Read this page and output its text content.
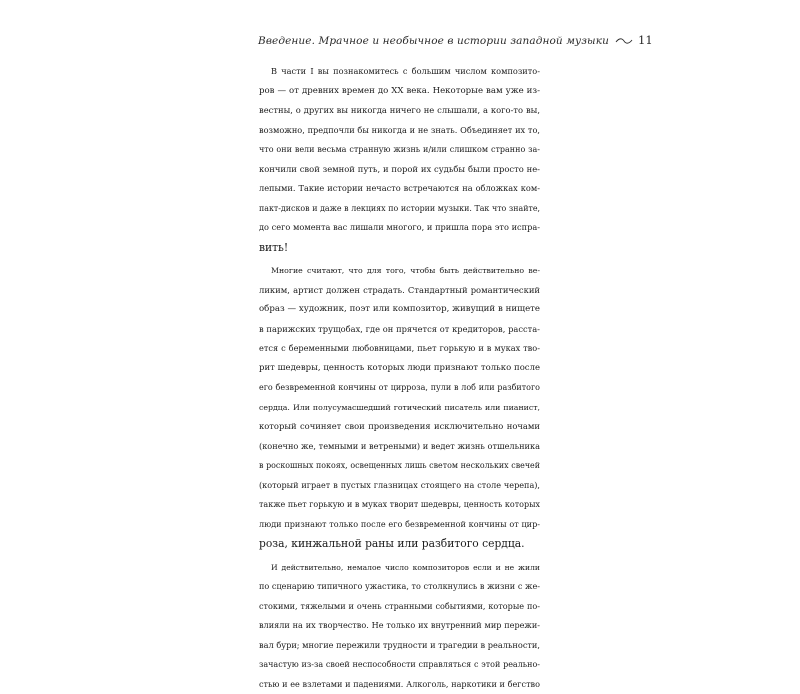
Введение. Мрачное и необычное в истории западной музыки	11

В части I вы познакомитесь с большим числом композито-
ров — от древних времен до XX века. Некоторые вам уже из-
вестны, о других вы никогда ничего не слышали, а кого-то вы,
возможно, предпочли бы никогда и не знать. Объединяет их то,
что они вели весьма странную жизнь и/или слишком странно за-
кончили свой земной путь, и порой их судьбы были просто не-
лепыми. Такие истории нечасто встречаются на обложках ком-
пакт-дисков и даже в лекциях по истории музыки. Так что знайте,
до сего момента вас лишали многого, и пришла пора это испра-
вить!

Многие считают, что для того, чтобы быть действительно ве-
ликим, артист должен страдать. Стандартный романтический
образ — художник, поэт или композитор, живущий в нищете
в парижских трущобах, где он прячется от кредиторов, расста-
ется с беременными любовницами, пьет горькую и в муках тво-
рит шедевры, ценность которых люди признают только после
его безвременной кончины от цирроза, пули в лоб или разбитого
сердца. Или полусумасшедший готический писатель или пианист,
который сочиняет свои произведения исключительно ночами
(конечно же, темными и ветреными) и ведет жизнь отшельника
в роскошных покоях, освещенных лишь светом нескольких свечей
(который играет в пустых глазницах стоящего на столе черепа),
также пьет горькую и в муках творит шедевры, ценность которых
люди признают только после его безвременной кончины от цир-
роза, кинжальной раны или разбитого сердца.

И действительно, немалое число композиторов если и не жили
по сценарию типичного ужастика, то столкнулись в жизни с же-
стокими, тяжелыми и очень странными событиями, которые по-
влияли на их творчество. Не только их внутренний мир пережи-
вал бури; многие пережили трудности и трагедии в реальности,
зачастую из-за своей неспособности справляться с этой реально-
стью и ее взлетами и падениями. Алкоголь, наркотики и бегство
